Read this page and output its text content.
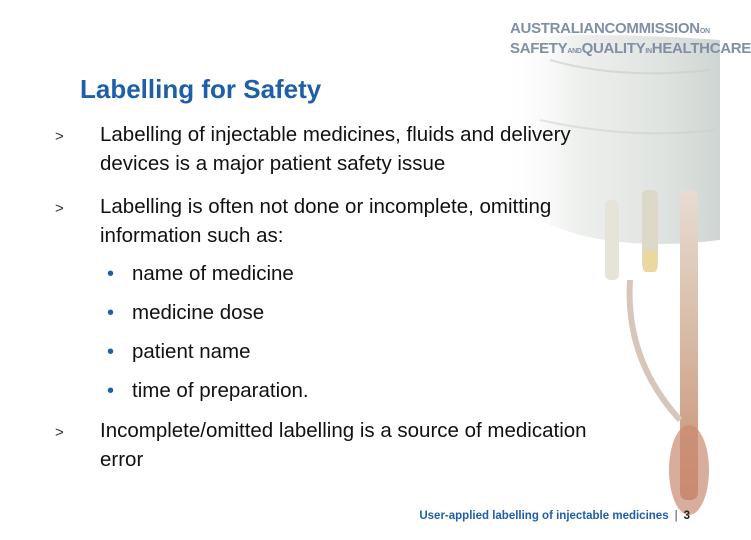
AUSTRALIANCOMMISSIONON
SAFETYANDQUALITYINHEALTHCARE
Labelling for Safety
> Labelling of injectable medicines, fluids and delivery devices is a major patient safety issue
> Labelling is often not done or incomplete, omitting information such as:
• name of medicine
• medicine dose
• patient name
• time of preparation.
> Incomplete/omitted labelling is a source of medication error
User-applied labelling of injectable medicines | 3
